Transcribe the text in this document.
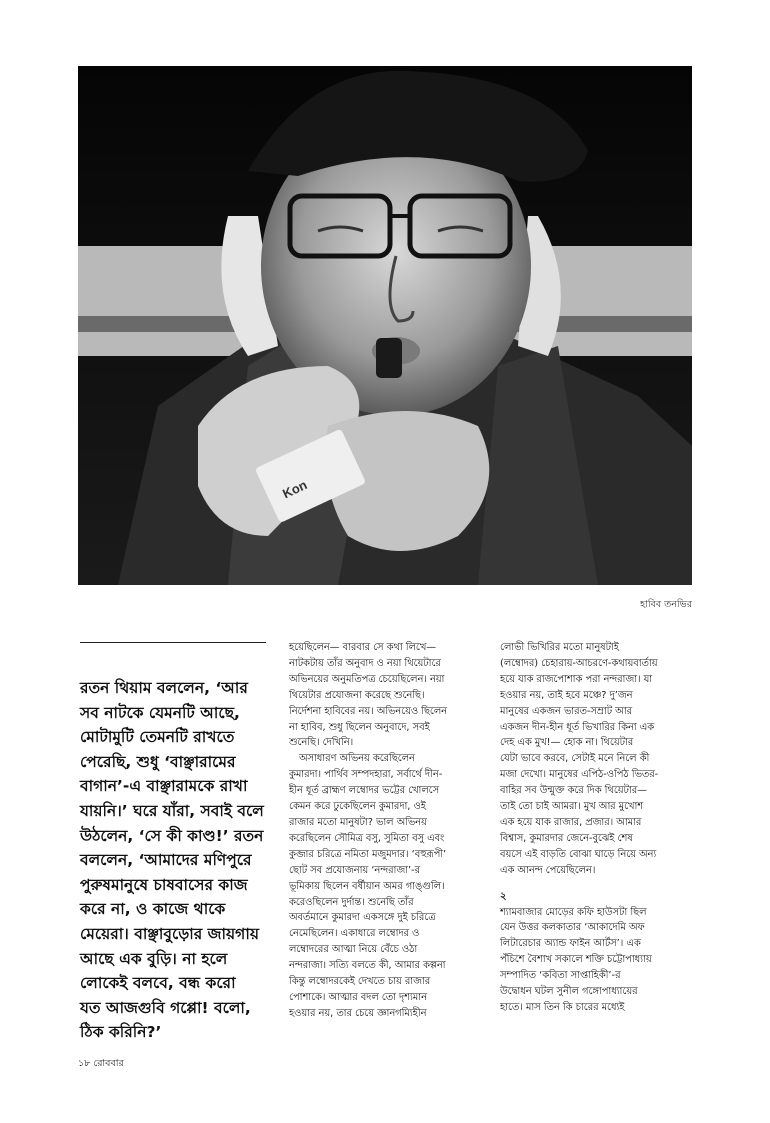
Kon
হাবিব তনভির
রতন থিয়াম বললেন, ‘আর
সব নাটকে যেমনটি আছে,
মোটামুটি তেমনটি রাখতে
পেরেছি, শুধু ‘বাঞ্ছারামের
বাগান’-এ বাঞ্ছারামকে রাখা
যায়নি।’ ঘরে যাঁরা, সবাই বলে
উঠলেন, ‘সে কী কাণ্ড!’ রতন
বললেন, ‘আমাদের মণিপুরে
পুরুষমানুষে চাষবাসের কাজ
করে না, ও কাজে থাকে
মেয়েরা। বাঞ্ছাবুড়োর জায়গায়
আছে এক বুড়ি। না হলে
লোকেই বলবে, বন্ধ করো
যত আজগুবি গপ্পো! বলো,
ঠিক করিনি?’

হয়েছিলেন— বারবার সে কথা লিখে—
নাটকটায় তাঁর অনুবাদ ও নয়া থিয়েটারে
অভিনয়ের অনুমতিপত্র চেয়েছিলেন। নয়া
থিয়েটার প্রযোজনা করেছে শুনেছি।
নির্দেশনা হাবিবের নয়। অভিনয়েও ছিলেন
না হাবিব, শুধু ছিলেন অনুবাদে, সবই
শুনেছি। দেখিনি।

অসাধারণ অভিনয় করেছিলেন
কুমারদা। পার্থিব সম্পদহারা, সর্বার্থে দীন-
হীন ধূর্ত ব্রাহ্মণ লম্বোদর ভট্টের খোলসে
কেমন করে ঢুকেছিলেন কুমারদা, ওই
রাজার মতো মানুষটা? ভাল অভিনয়
করেছিলেন সৌমিত্র বসু, সুমিতা বসু এবং
কুব্জার চরিত্রে নমিতা মজুমদার। ‘বহুরূপী’
ছোট সব প্রযোজনায় ‘নন্দরাজা’-র
ভূমিকায় ছিলেন বর্ষীয়ান অমর গাঙ্গুলি।
করেওছিলেন দুর্দান্ত। শুনেছি তাঁর
অবর্তমানে কুমারদা একসঙ্গে দুই চরিত্রে
নেমেছিলেন। একাধারে লম্বোদর ও
লম্বোদরের আত্মা নিয়ে বেঁচে ওঠা
নন্দরাজা। সত্যি বলতে কী, আমার কল্পনা
কিন্তু লম্বোদরকেই দেখতে চায় রাজার
পোশাকে। আত্মার বদল তো দৃশ্যমান
হওয়ার নয়, তার চেয়ে জ্ঞানগম্যিহীন

লোভী ভিখিরির মতো মানুষটাই
(লম্বোদর) চেহারায়-আচরণে-কথায়বার্তায়
হয়ে যাক রাজপোশাক পরা নন্দরাজা। যা
হওয়ার নয়, তাই হবে মঞ্চে? দু’জন
মানুষের একজন ভারত-সম্রাট আর
একজন দীন-হীন ধূর্ত ভিখারির কিনা এক
দেহ এক মুখ!— হোক না। থিয়েটার
যেটা ভাবে করবে, সেটাই মনে নিলে কী
মজা দেখো। মানুষের এপিঠ-ওপিঠ ভিতর-
বাহির সব উন্মুক্ত করে দিক থিয়েটার—
তাই তো চাই আমরা। মুখ আর মুখোশ
এক হয়ে যাক রাজার, প্রজার। আমার
বিশ্বাস, কুমারদার জেনে-বুঝেই শেষ
বয়সে এই বাড়তি বোঝা ঘাড়ে নিয়ে অন্য
এক আনন্দ পেয়েছিলেন।

২

শ্যামবাজার মোড়ের কফি হাউসটা ছিল
যেন উত্তর কলকাতার ‘আকাদেমি অফ
লিটারেচার অ্যান্ড ফাইন আর্টস’। এক
পঁচিশে বৈশাখ সকালে শক্তি চট্টোপাধ্যায়
সম্পাদিত ‘কবিতা সাপ্তাহিকী’-র
উদ্বোধন ঘটল সুনীল গঙ্গোপাধ্যায়ের
হাতে। মাস তিন কি চারের মধ্যেই

১৮ রোববার
